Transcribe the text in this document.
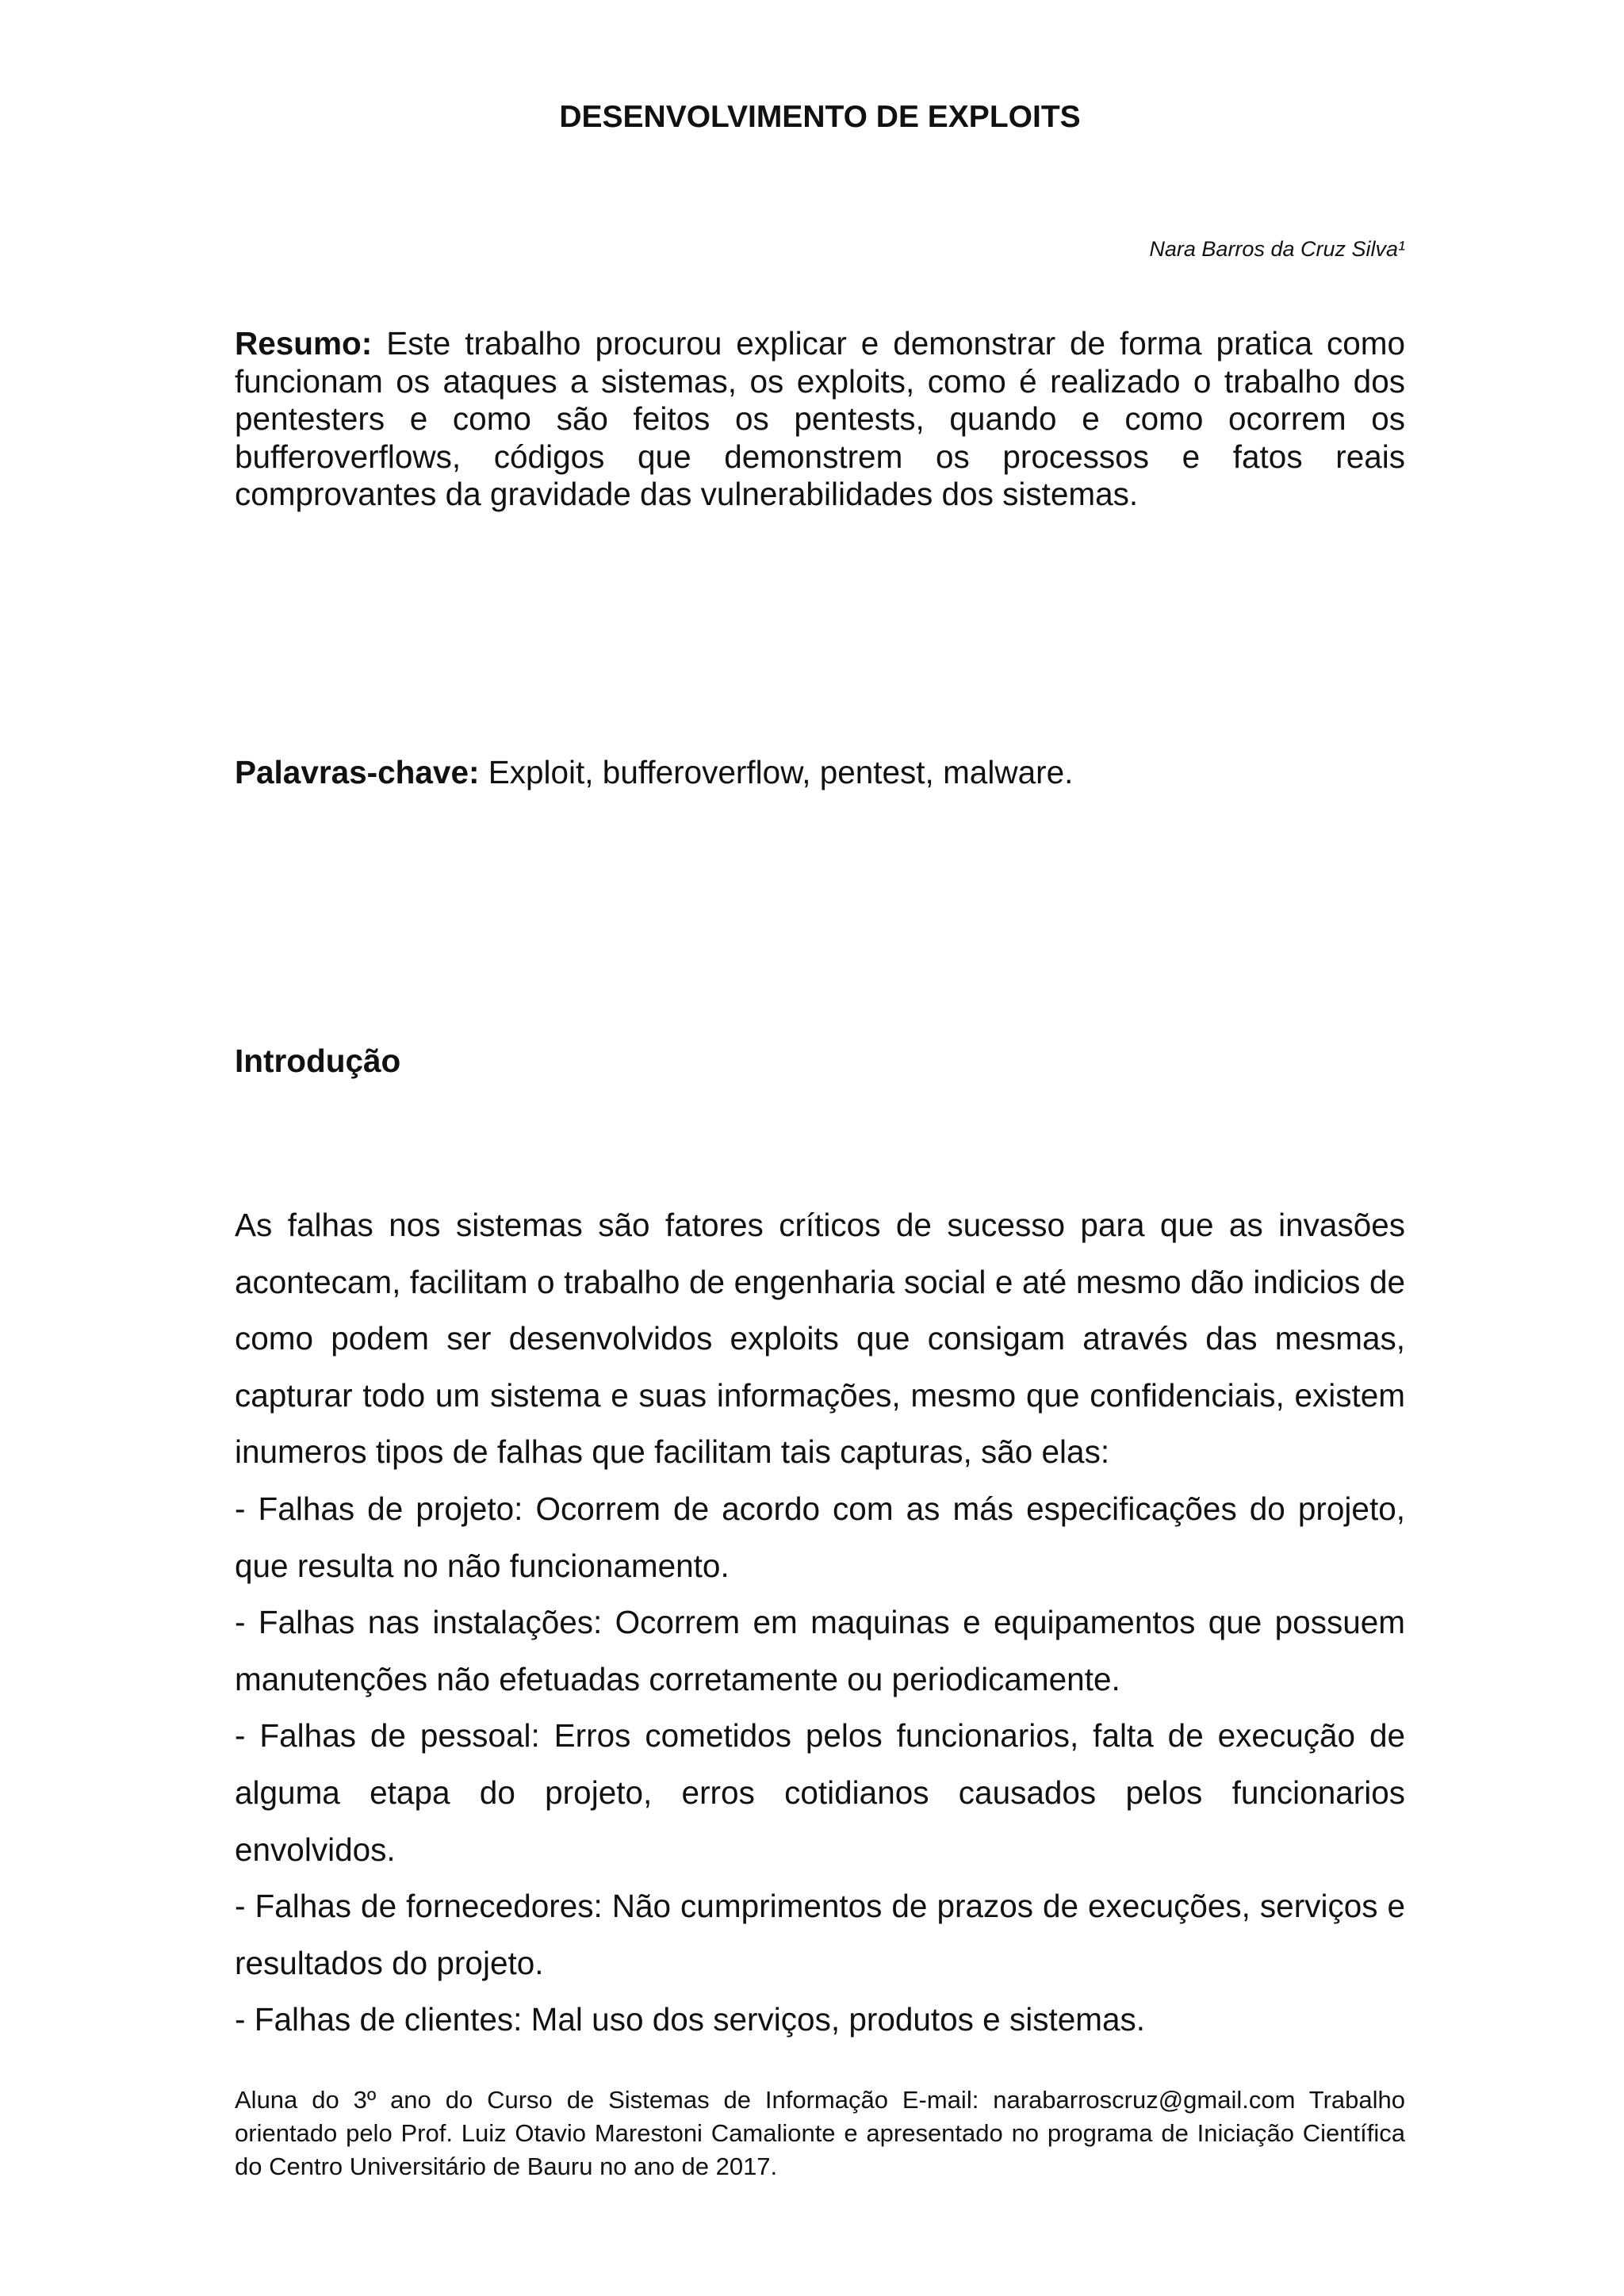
DESENVOLVIMENTO DE EXPLOITS

Nara Barros da Cruz Silva¹

Resumo: Este trabalho procurou explicar e demonstrar de forma pratica como funcionam os ataques a sistemas, os exploits, como é realizado o trabalho dos pentesters e como são feitos os pentests, quando e como ocorrem os bufferoverflows, códigos que demonstrem os processos e fatos reais comprovantes da gravidade das vulnerabilidades dos sistemas.

Palavras-chave: Exploit, bufferoverflow, pentest, malware.

Introdução

As falhas nos sistemas são fatores críticos de sucesso para que as invasões acontecam, facilitam o trabalho de engenharia social e até mesmo dão indicios de como podem ser desenvolvidos exploits que consigam através das mesmas, capturar todo um sistema e suas informações, mesmo que confidenciais, existem inumeros tipos de falhas que facilitam tais capturas, são elas:

- Falhas de projeto: Ocorrem de acordo com as más especificações do projeto, que resulta no não funcionamento.

- Falhas nas instalações: Ocorrem em maquinas e equipamentos que possuem manutenções não efetuadas corretamente ou periodicamente.

- Falhas de pessoal: Erros cometidos pelos funcionarios, falta de execução de alguma etapa do projeto, erros cotidianos causados pelos funcionarios envolvidos.

- Falhas de fornecedores: Não cumprimentos de prazos de execuções, serviços e resultados do projeto.

- Falhas de clientes: Mal uso dos serviços, produtos e sistemas.

Aluna do 3º ano do Curso de Sistemas de Informação E-mail: narabarroscruz@gmail.com Trabalho orientado pelo Prof. Luiz Otavio Marestoni Camalionte e apresentado no programa de Iniciação Científica do Centro Universitário de Bauru no ano de 2017.
